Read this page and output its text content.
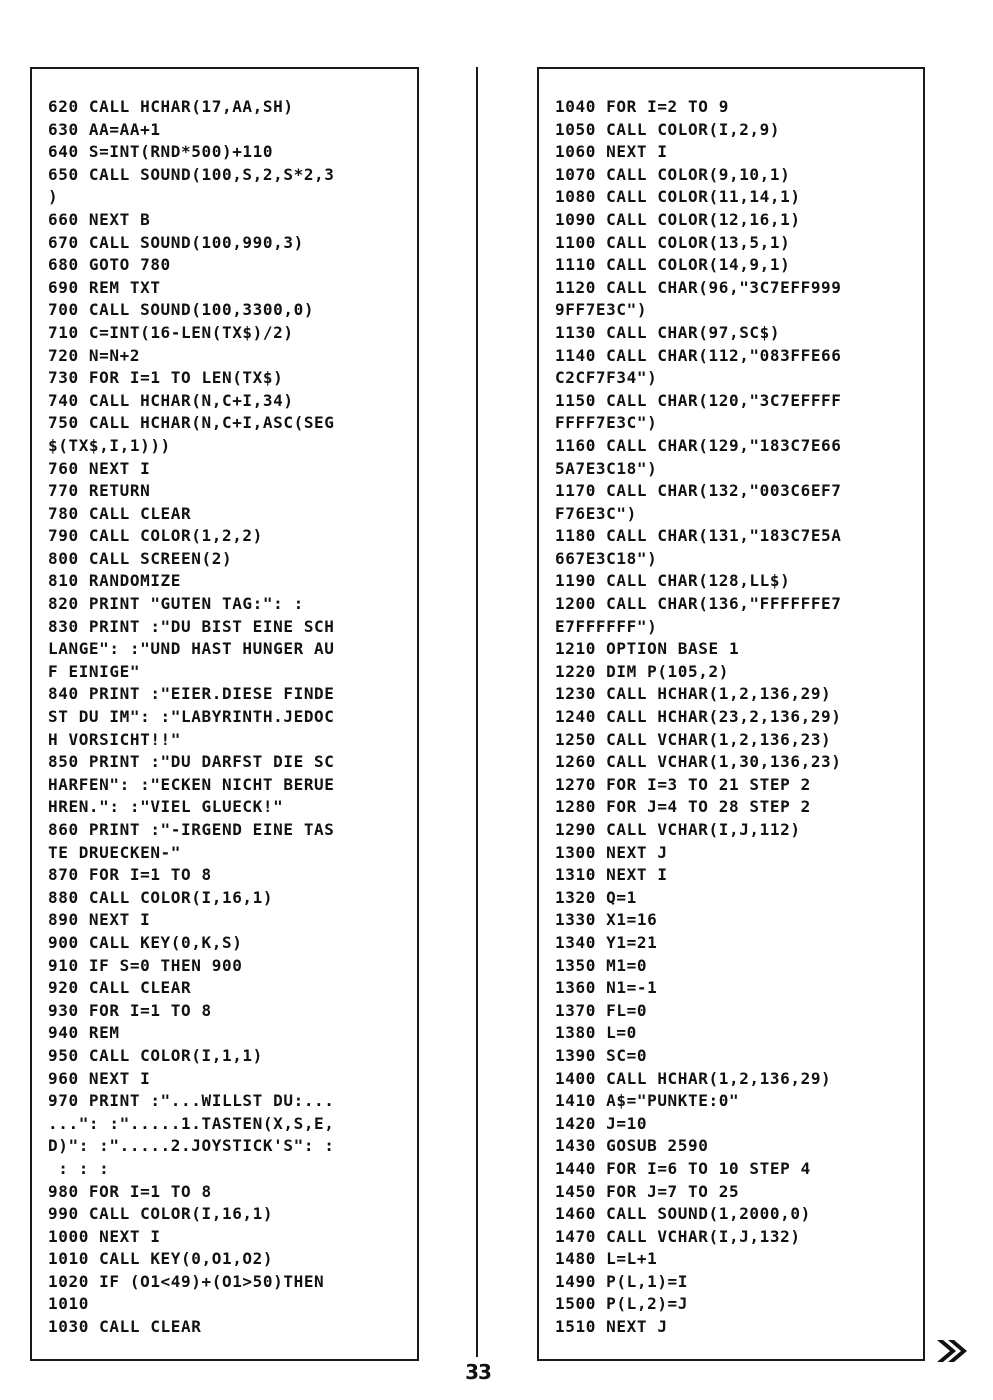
620 CALL HCHAR(17,AA,SH)
630 AA=AA+1
640 S=INT(RND*500)+110
650 CALL SOUND(100,S,2,S*2,3
)
660 NEXT B
670 CALL SOUND(100,990,3)
680 GOTO 780
690 REM TXT
700 CALL SOUND(100,3300,0)
710 C=INT(16-LEN(TX$)/2)
720 N=N+2
730 FOR I=1 TO LEN(TX$)
740 CALL HCHAR(N,C+I,34)
750 CALL HCHAR(N,C+I,ASC(SEG
$(TX$,I,1)))
760 NEXT I
770 RETURN
780 CALL CLEAR
790 CALL COLOR(1,2,2)
800 CALL SCREEN(2)
810 RANDOMIZE
820 PRINT "GUTEN TAG:": :
830 PRINT :"DU BIST EINE SCH
LANGE": :"UND HAST HUNGER AU
F EINIGE"
840 PRINT :"EIER.DIESE FINDE
ST DU IM": :"LABYRINTH.JEDOC
H VORSICHT!!"
850 PRINT :"DU DARFST DIE SC
HARFEN": :"ECKEN NICHT BERUE
HREN.": :"VIEL GLUECK!"
860 PRINT :"-IRGEND EINE TAS
TE DRUECKEN-"
870 FOR I=1 TO 8
880 CALL COLOR(I,16,1)
890 NEXT I
900 CALL KEY(0,K,S)
910 IF S=0 THEN 900
920 CALL CLEAR
930 FOR I=1 TO 8
940 REM
950 CALL COLOR(I,1,1)
960 NEXT I
970 PRINT :"...WILLST DU:...
...": :".....1.TASTEN(X,S,E,
D)": :".....2.JOYSTICK'S": :
: : :
980 FOR I=1 TO 8
990 CALL COLOR(I,16,1)
1000 NEXT I
1010 CALL KEY(0,O1,O2)
1020 IF (O1<49)+(O1>50)THEN
1010
1030 CALL CLEAR
1040 FOR I=2 TO 9
1050 CALL COLOR(I,2,9)
1060 NEXT I
1070 CALL COLOR(9,10,1)
1080 CALL COLOR(11,14,1)
1090 CALL COLOR(12,16,1)
1100 CALL COLOR(13,5,1)
1110 CALL COLOR(14,9,1)
1120 CALL CHAR(96,"3C7EFF999
9FF7E3C")
1130 CALL CHAR(97,SC$)
1140 CALL CHAR(112,"083FFE66
C2CF7F34")
1150 CALL CHAR(120,"3C7EFFFF
FFFF7E3C")
1160 CALL CHAR(129,"183C7E66
5A7E3C18")
1170 CALL CHAR(132,"003C6EF7
F76E3C")
1180 CALL CHAR(131,"183C7E5A
667E3C18")
1190 CALL CHAR(128,LL$)
1200 CALL CHAR(136,"FFFFFFE7
E7FFFFFF")
1210 OPTION BASE 1
1220 DIM P(105,2)
1230 CALL HCHAR(1,2,136,29)
1240 CALL HCHAR(23,2,136,29)
1250 CALL VCHAR(1,2,136,23)
1260 CALL VCHAR(1,30,136,23)
1270 FOR I=3 TO 21 STEP 2
1280 FOR J=4 TO 28 STEP 2
1290 CALL VCHAR(I,J,112)
1300 NEXT J
1310 NEXT I
1320 Q=1
1330 X1=16
1340 Y1=21
1350 M1=0
1360 N1=-1
1370 FL=0
1380 L=0
1390 SC=0
1400 CALL HCHAR(1,2,136,29)
1410 A$="PUNKTE:0"
1420 J=10
1430 GOSUB 2590
1440 FOR I=6 TO 10 STEP 4
1450 FOR J=7 TO 25
1460 CALL SOUND(1,2000,0)
1470 CALL VCHAR(I,J,132)
1480 L=L+1
1490 P(L,1)=I
1500 P(L,2)=J
1510 NEXT J
33
